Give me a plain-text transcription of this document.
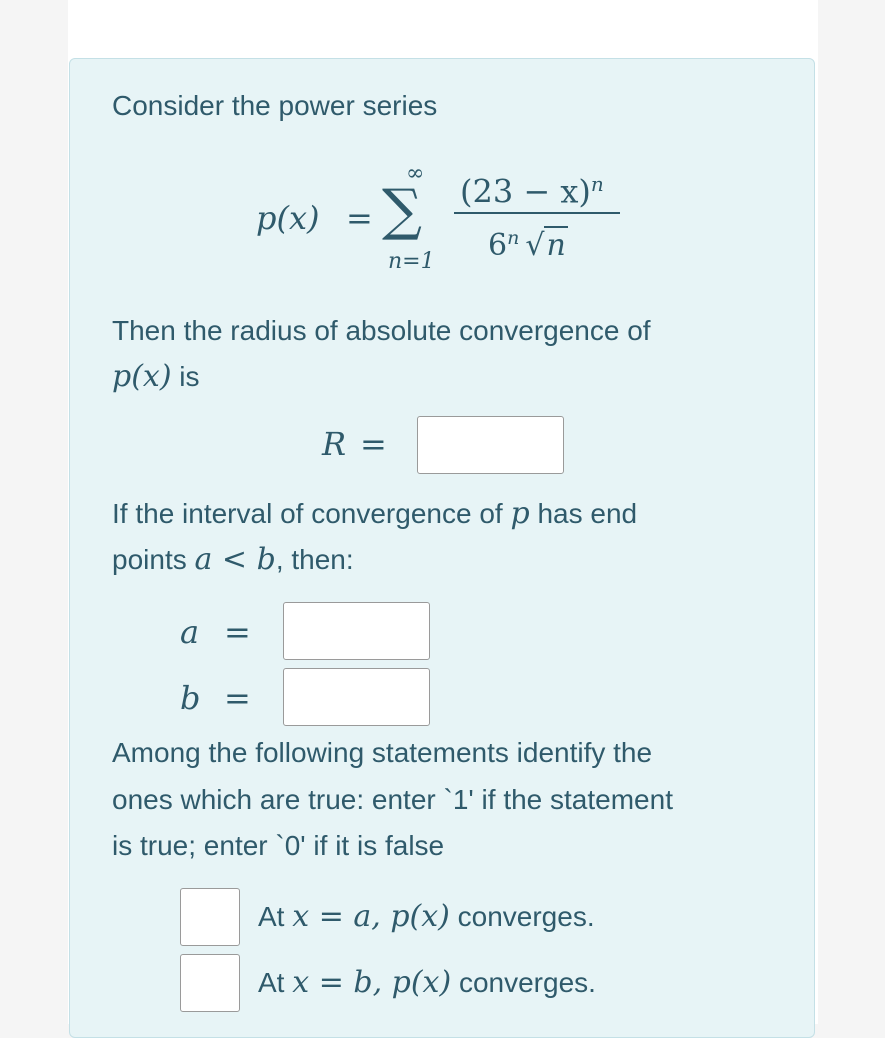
Consider the power series
p(x) =
∞
∑
n=1
$(23 - x)^n$
6$^n$ √n
Then the radius of absolute convergence of
p(x) is
R =
If the interval of convergence of p has end
points a < b, then:
a =
b =
Among the following statements identify the
ones which are true: enter `1' if the statement
is true; enter `0' if it is false
At x = a, p(x) converges.
At x = b, p(x) converges.
